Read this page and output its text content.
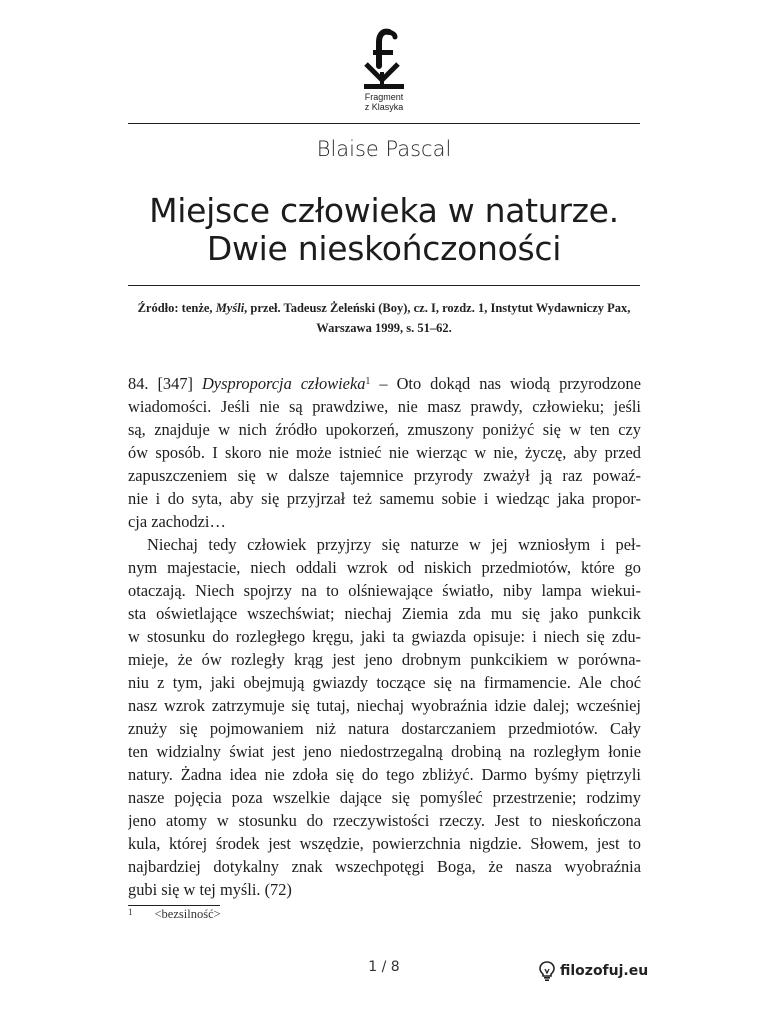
Fragment
z Klasyka
Blaise Pascal
Miejsce człowieka w naturze.
Dwie nieskończoności
Źródło: tenże, Myśli, przeł. Tadeusz Żeleński (Boy), cz. I, rozdz. 1, Instytut Wydawniczy Pax,
Warszawa 1999, s. 51–62.
84. [347] Dysproporcja człowieka$^1$ – Oto dokąd nas wiodą przyrodzone
wiadomości. Jeśli nie są prawdziwe, nie masz prawdy, człowieku; jeśli
są, znajduje w nich źródło upokorzeń, zmuszony poniżyć się w ten czy
ów sposób. I skoro nie może istnieć nie wierząc w nie, życzę, aby przed
zapuszczeniem się w dalsze tajemnice przyrody zważył ją raz powaź-
nie i do syta, aby się przyjrzał też samemu sobie i wiedząc jaka propor-
cja zachodzi…
Niechaj tedy człowiek przyjrzy się naturze w jej wzniosłym i peł-
nym majestacie, niech oddali wzrok od niskich przedmiotów, które go
otaczają. Niech spojrzy na to olśniewające światło, niby lampa wiekui-
sta oświetlające wszechświat; niechaj Ziemia zda mu się jako punkcik
w stosunku do rozległego kręgu, jaki ta gwiazda opisuje: i niech się zdu-
mieje, że ów rozległy krąg jest jeno drobnym punkcikiem w porówna-
niu z tym, jaki obejmują gwiazdy toczące się na firmamencie. Ale choć
nasz wzrok zatrzymuje się tutaj, niechaj wyobraźnia idzie dalej; wcześniej
znuży się pojmowaniem niż natura dostarczaniem przedmiotów. Cały
ten widzialny świat jest jeno niedostrzegalną drobiną na rozległym łonie
natury. Żadna idea nie zdoła się do tego zbliżyć. Darmo byśmy piętrzyli
nasze pojęcia poza wszelkie dające się pomyśleć przestrzenie; rodzimy
jeno atomy w stosunku do rzeczywistości rzeczy. Jest to nieskończona
kula, której środek jest wszędzie, powierzchnia nigdzie. Słowem, jest to
najbardziej dotykalny znak wszechpotęgi Boga, że nasza wyobraźnia
gubi się w tej myśli. (72)
$^1$ <bezsilność>
1 / 8	filozofuj.eu
